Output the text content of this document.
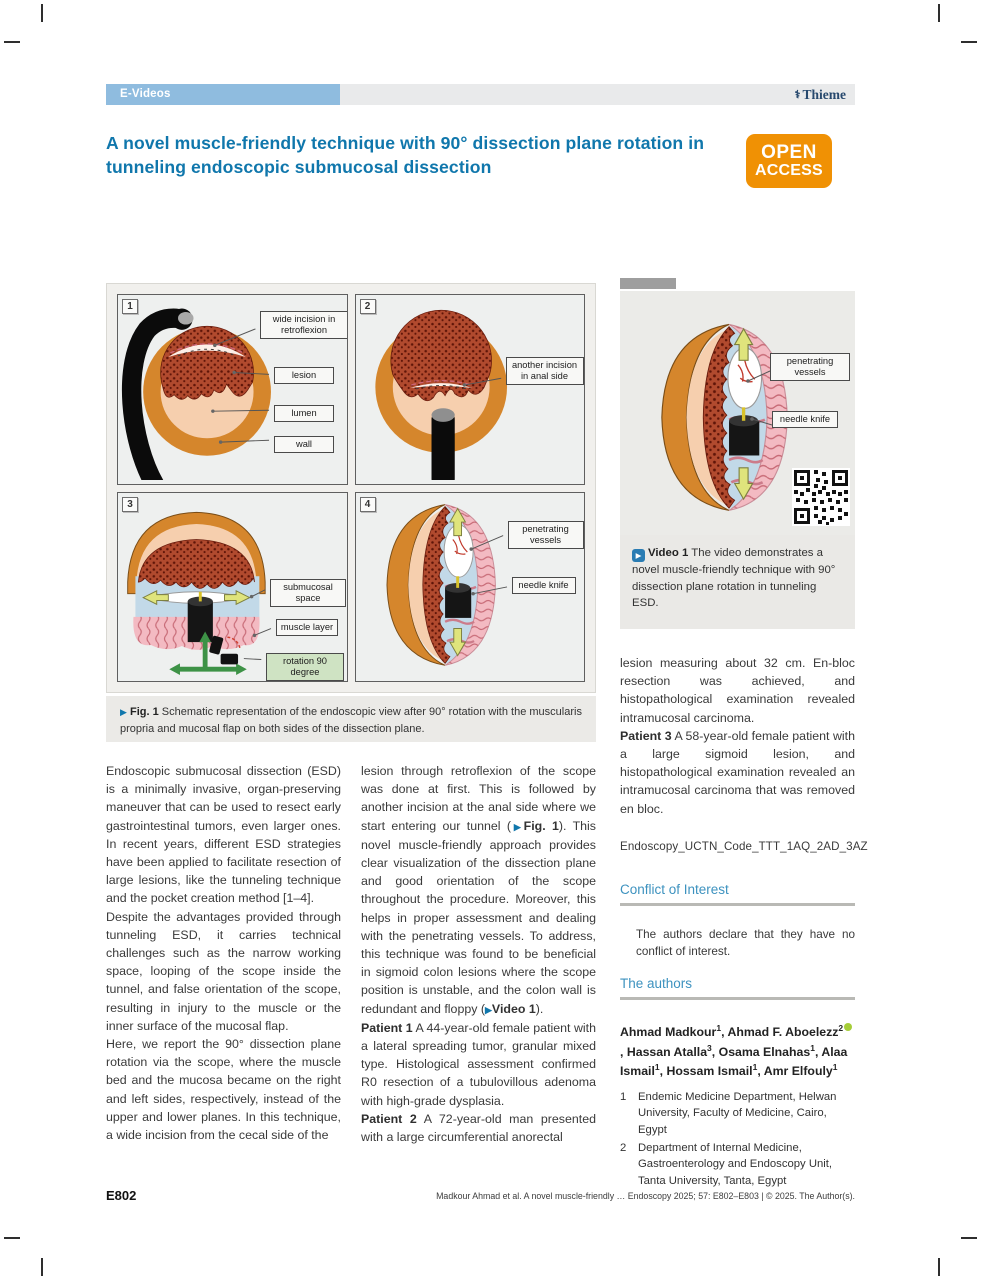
E-Videos	⚕ Thieme
A novel muscle-friendly technique with 90° dissection plane rotation in tunneling endoscopic submucosal dissection
OPEN
ACCESS
1
wide incision in retroflexion
lesion
lumen
wall
2
another incision in anal side
3
submucosal space
muscle layer
rotation 90 degree
4
penetrating vessels
needle knife
▶ Fig. 1 Schematic representation of the endoscopic view after 90° rotation with the muscularis propria and mucosal flap on both sides of the dissection plane.
penetrating vessels
needle knife
▶ Video 1 The video demonstrates a novel muscle-friendly technique with 90° dissection plane rotation in tunneling ESD.

Endoscopic submucosal dissection (ESD) is a minimally invasive, organ-preserving maneuver that can be used to resect early gastrointestinal tumors, even larger ones. In recent years, different ESD strategies have been applied to facilitate resection of large lesions, like the tunneling technique and the pocket creation method [1–4].

Despite the advantages provided through tunneling ESD, it carries technical challenges such as the narrow working space, looping of the scope inside the tunnel, and false orientation of the scope, resulting in injury to the muscle or the inner surface of the mucosal flap.

Here, we report the 90° dissection plane rotation via the scope, where the muscle bed and the mucosa became on the right and left sides, respectively, instead of the upper and lower planes. In this technique, a wide incision from the cecal side of the

lesion through retroflexion of the scope was done at first. This is followed by another incision at the anal side where we start entering our tunnel (▶Fig. 1). This novel muscle-friendly approach provides clear visualization of the dissection plane and good orientation of the scope throughout the procedure. Moreover, this helps in proper assessment and dealing with the penetrating vessels. To address, this technique was found to be beneficial in sigmoid colon lesions where the scope position is unstable, and the colon wall is redundant and floppy (▶Video 1).

Patient 1 A 44-year-old female patient with a lateral spreading tumor, granular mixed type. Histological assessment confirmed R0 resection of a tubulovillous adenoma with high-grade dysplasia.

Patient 2 A 72-year-old man presented with a large circumferential anorectal

lesion measuring about 32 cm. En-bloc resection was achieved, and histopathological examination revealed intramucosal carcinoma.

Patient 3 A 58-year-old female patient with a large sigmoid lesion, and histopathological examination revealed an intramucosal carcinoma that was removed en bloc.

Endoscopy_UCTN_Code_TTT_1AQ_2AD_3AZ

Conflict of Interest
The authors declare that they have no conflict of interest.
The authors
Ahmad Madkour$^1$, Ahmad F. Aboelezz$^2$, Hassan Atalla$^3$, Osama Elnahas$^1$, Alaa Ismail$^1$, Hossam Ismail$^1$, Amr Elfouly$^1$
1	Endemic Medicine Department, Helwan University, Faculty of Medicine, Cairo, Egypt
2	Department of Internal Medicine, Gastroenterology and Endoscopy Unit, Tanta University, Tanta, Egypt
E802	Madkour Ahmad et al. A novel muscle-friendly … Endoscopy 2025; 57: E802–E803 | © 2025. The Author(s).
